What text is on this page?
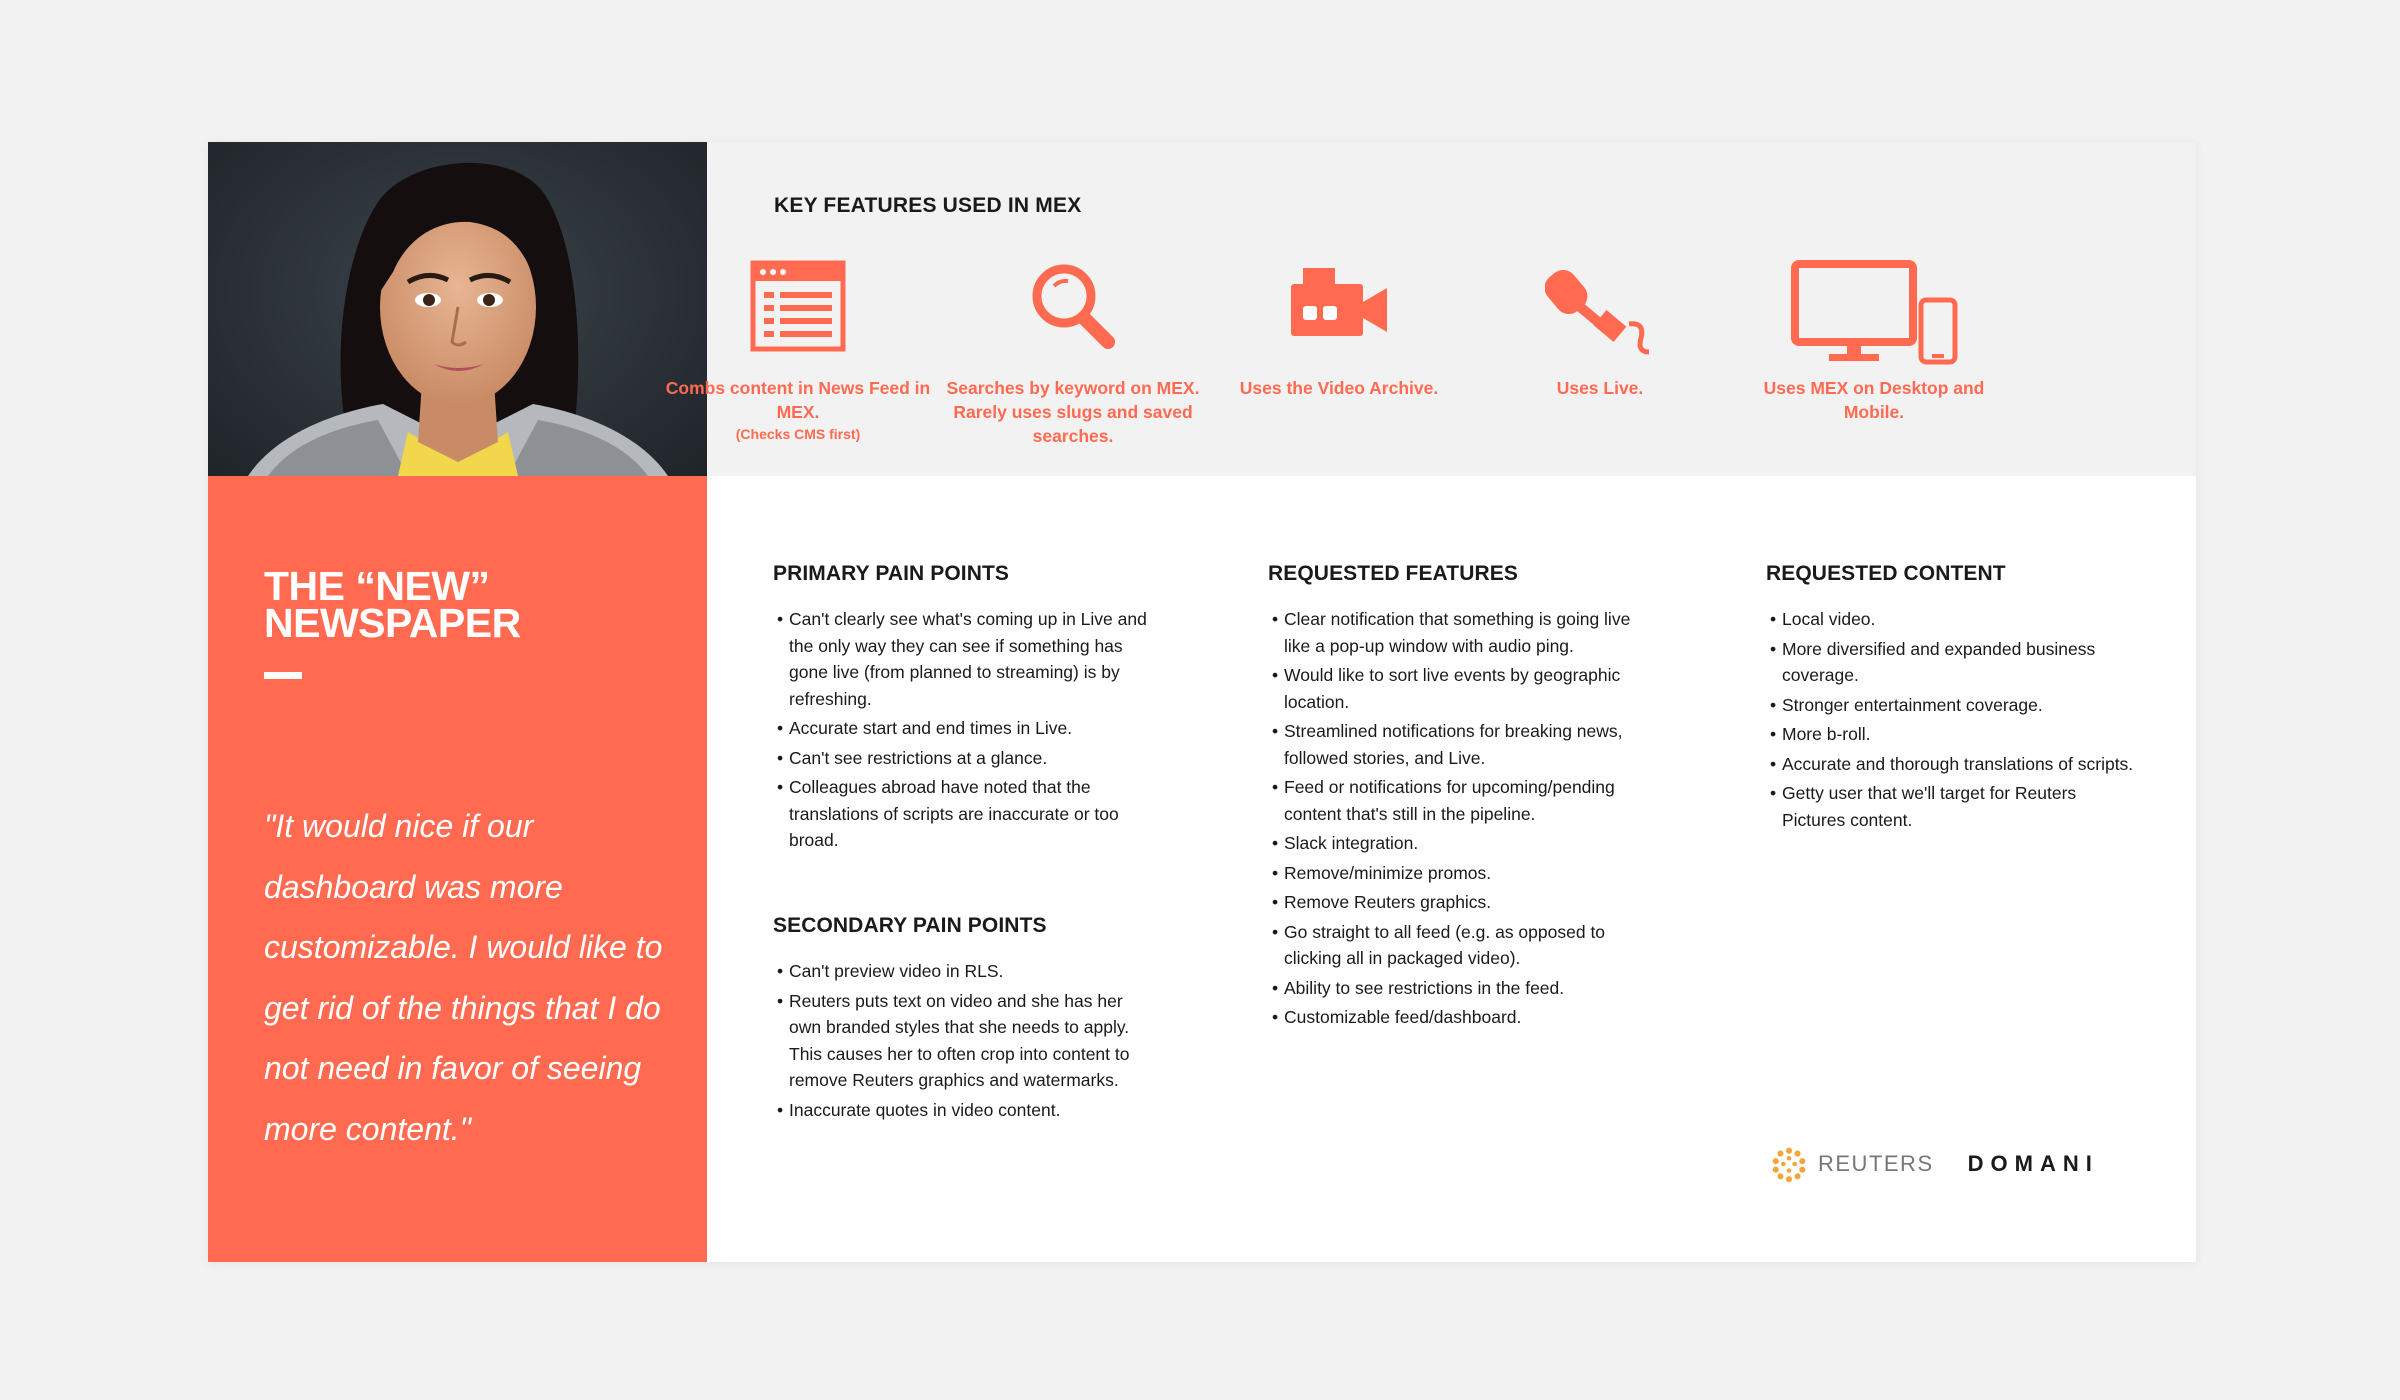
THE “NEW”
NEWSPAPER
"It would nice if our dashboard was more customizable. I would like to get rid of the things that I do not need in favor of seeing more content."
KEY FEATURES USED IN MEX
Combs content in News Feed in MEX.
(Checks CMS first)
Searches by keyword on MEX. Rarely uses slugs and saved searches.
Uses the Video Archive.	Uses Live.	Uses MEX on Desktop and Mobile.
PRIMARY PAIN POINTS
• Can't clearly see what's coming up in Live and the only way they can see if something has gone live (from planned to streaming) is by refreshing.
• Accurate start and end times in Live.
• Can't see restrictions at a glance.
• Colleagues abroad have noted that the translations of scripts are inaccurate or too broad.
SECONDARY PAIN POINTS
• Can't preview video in RLS.
• Reuters puts text on video and she has her own branded styles that she needs to apply. This causes her to often crop into content to remove Reuters graphics and watermarks.
• Inaccurate quotes in video content.
REQUESTED FEATURES
• Clear notification that something is going live like a pop-up window with audio ping.
• Would like to sort live events by geographic location.
• Streamlined notifications for breaking news, followed stories, and Live.
• Feed or notifications for upcoming/pending content that's still in the pipeline.
• Slack integration.
• Remove/minimize promos.
• Remove Reuters graphics.
• Go straight to all feed (e.g. as opposed to clicking all in packaged video).
• Ability to see restrictions in the feed.
• Customizable feed/dashboard.
REQUESTED CONTENT
• Local video.
• More diversified and expanded business coverage.
• Stronger entertainment coverage.
• More b-roll.
• Accurate and thorough translations of scripts.
• Getty user that we'll target for Reuters Pictures content.
REUTERS DOMANI
